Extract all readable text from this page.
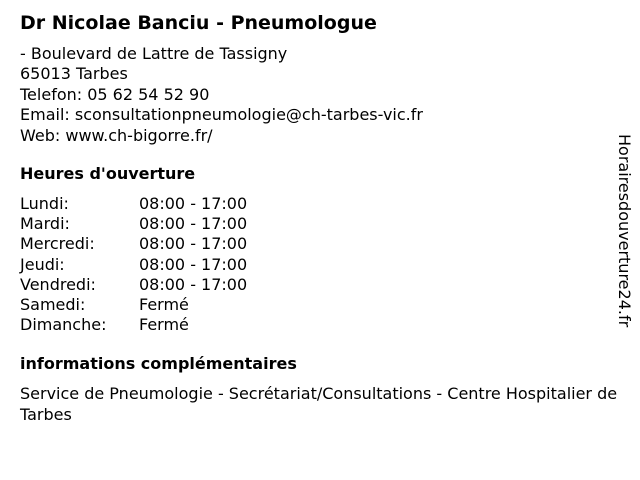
Dr Nicolae Banciu - Pneumologue
- Boulevard de Lattre de Tassigny
65013 Tarbes
Telefon: 05 62 54 52 90
Email: sconsultationpneumologie@ch-tarbes-vic.fr
Web: www.ch-bigorre.fr/
Heures d'ouverture
Lundi:	08:00 - 17:00
Mardi:	08:00 - 17:00
Mercredi:	08:00 - 17:00
Jeudi:	08:00 - 17:00
Vendredi:	08:00 - 17:00
Samedi:	Fermé
Dimanche: Fermé
informations complémentaires
Service de Pneumologie - Secrétariat/Consultations - Centre Hospitalier de Tarbes
Horairesdouverture24.fr
